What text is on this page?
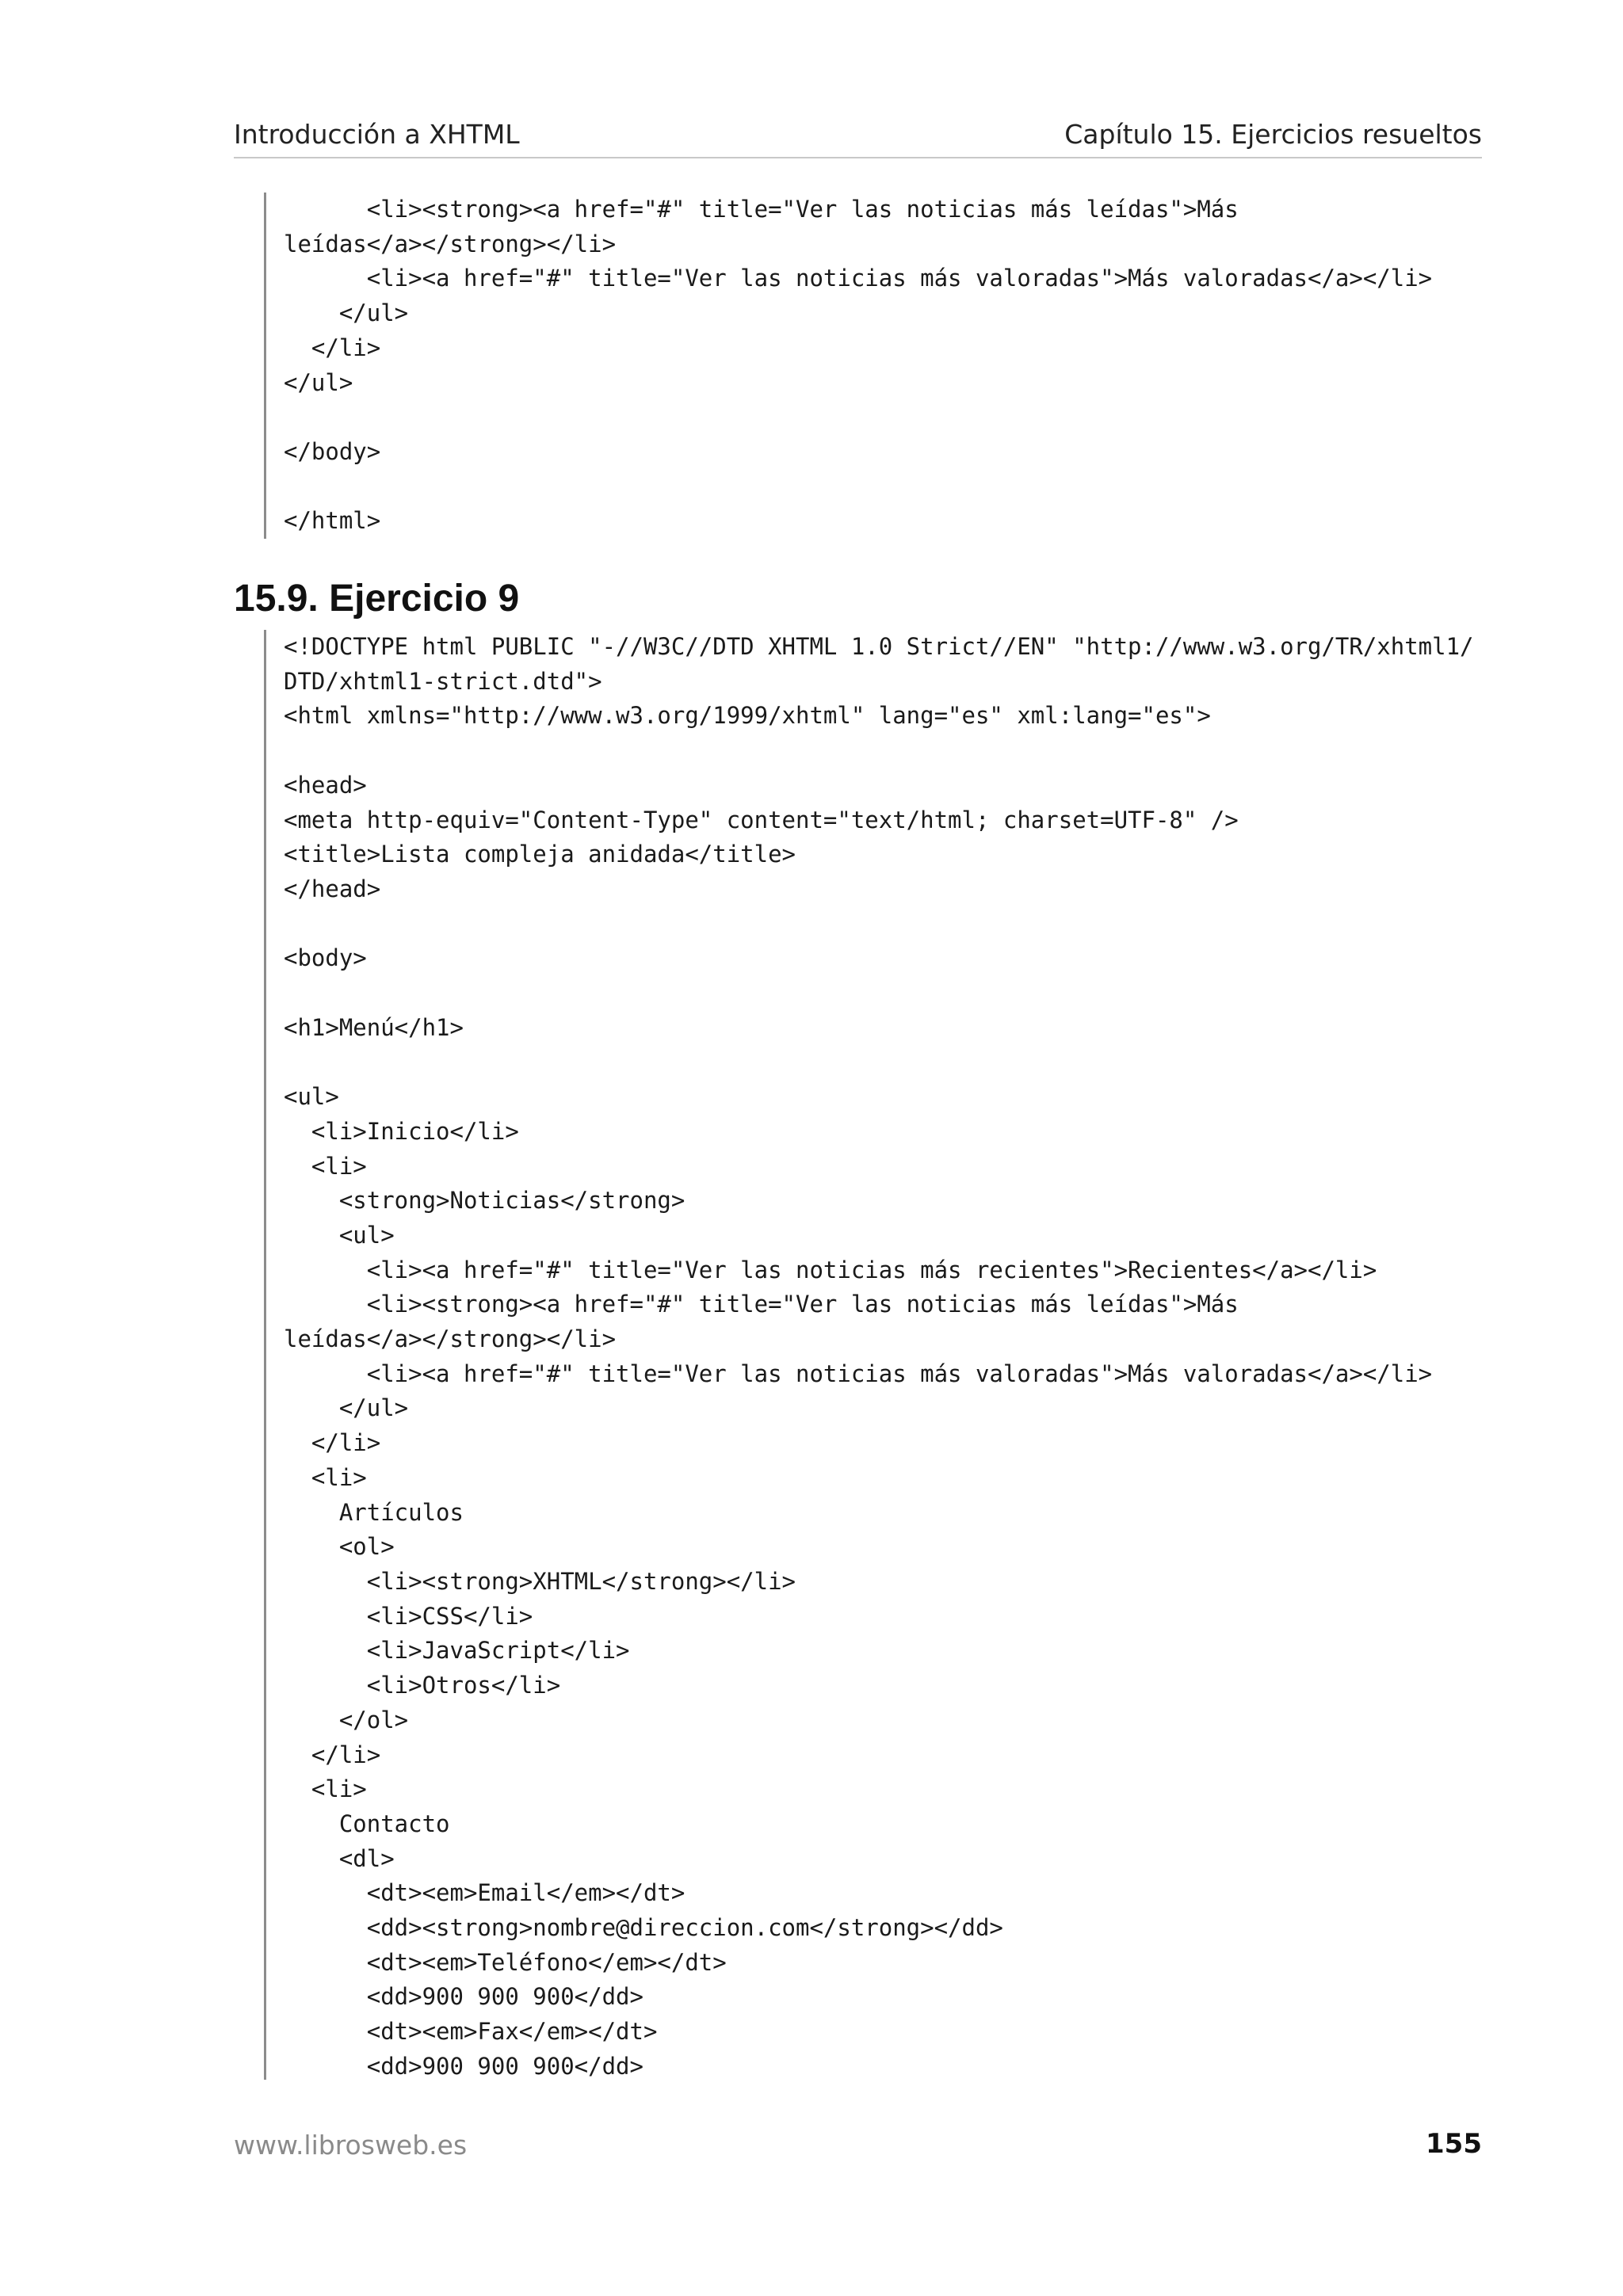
Introducción a XHTML	Capítulo 15. Ejercicios resueltos
<li><strong><a href="#" title="Ver las noticias más leídas">Más
leídas</a></strong></li>
<li><a href="#" title="Ver las noticias más valoradas">Más valoradas</a></li>
</ul>
</li>
</ul>

</body>

</html>
15.9. Ejercicio 9
<!DOCTYPE html PUBLIC "-//W3C//DTD XHTML 1.0 Strict//EN" "http://www.w3.org/TR/xhtml1/
DTD/xhtml1-strict.dtd">
<html xmlns="http://www.w3.org/1999/xhtml" lang="es" xml:lang="es">

<head>
<meta http-equiv="Content-Type" content="text/html; charset=UTF-8" />
<title>Lista compleja anidada</title>
</head>

<body>

<h1>Menú</h1>

<ul>
<li>Inicio</li>
<li>
<strong>Noticias</strong>
<ul>
<li><a href="#" title="Ver las noticias más recientes">Recientes</a></li>
<li><strong><a href="#" title="Ver las noticias más leídas">Más
leídas</a></strong></li>
<li><a href="#" title="Ver las noticias más valoradas">Más valoradas</a></li>
</ul>
</li>
<li>
Artículos
<ol>
<li><strong>XHTML</strong></li>
<li>CSS</li>
<li>JavaScript</li>
<li>Otros</li>
</ol>
</li>
<li>
Contacto
<dl>
<dt><em>Email</em></dt>
<dd><strong>nombre@direccion.com</strong></dd>
<dt><em>Teléfono</em></dt>
<dd>900 900 900</dd>
<dt><em>Fax</em></dt>
<dd>900 900 900</dd>
www.librosweb.es	155
